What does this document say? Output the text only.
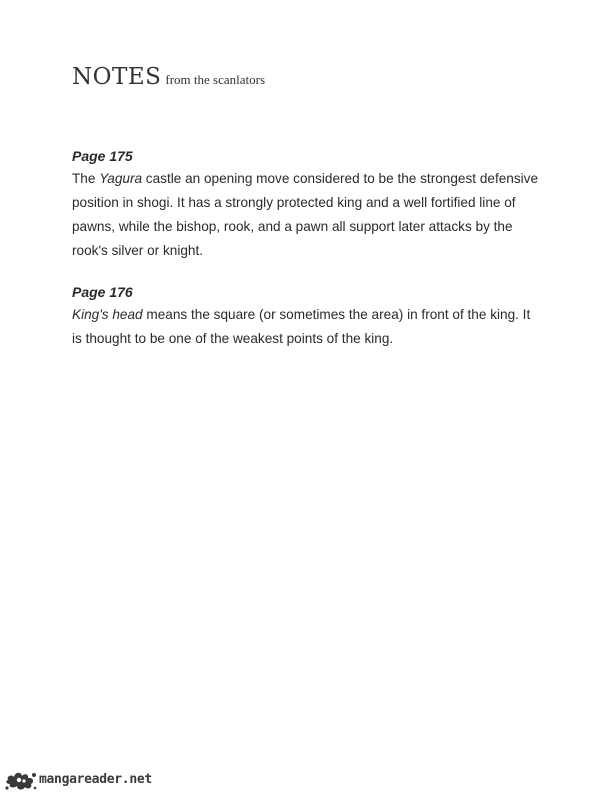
NOTES from the scanlators
Page 175
The Yagura castle an opening move considered to be the strongest defensive position in shogi. It has a strongly protected king and a well fortified line of pawns, while the bishop, rook, and a pawn all support later attacks by the rook's silver or knight.
Page 176
King's head means the square (or sometimes the area) in front of the king. It is thought to be one of the weakest points of the king.
mangareader.net
